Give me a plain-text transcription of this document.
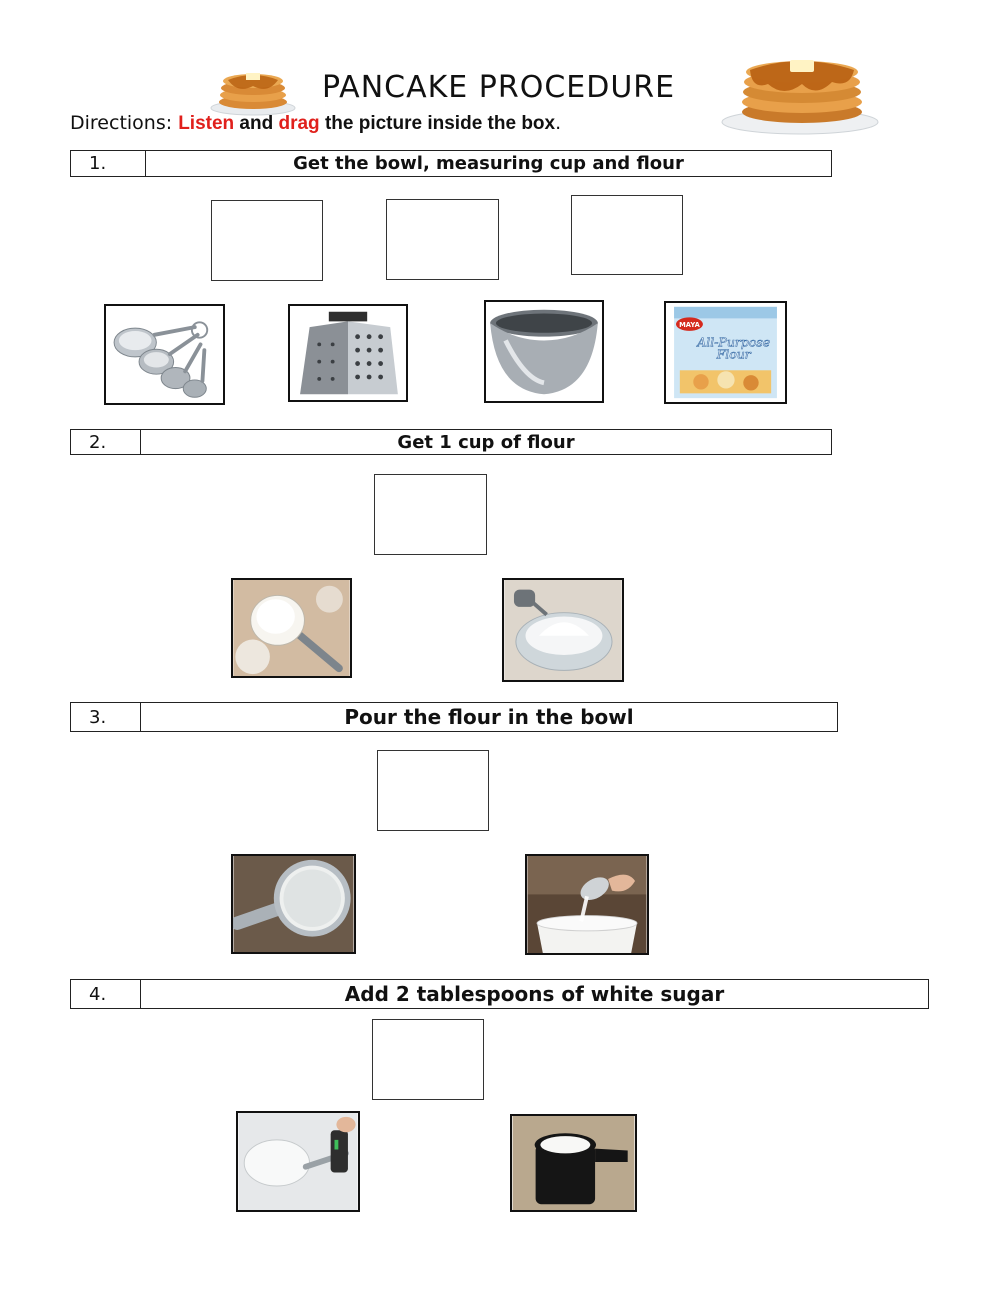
PANCAKE PROCEDURE
Directions: Listen and drag the picture inside the box.
1.	Get the bowl, measuring cup and flour
MAYA
All-Purpose
Flour
2.	Get 1 cup of flour
3.	Pour the flour in the bowl
4.	Add 2 tablespoons of white sugar
